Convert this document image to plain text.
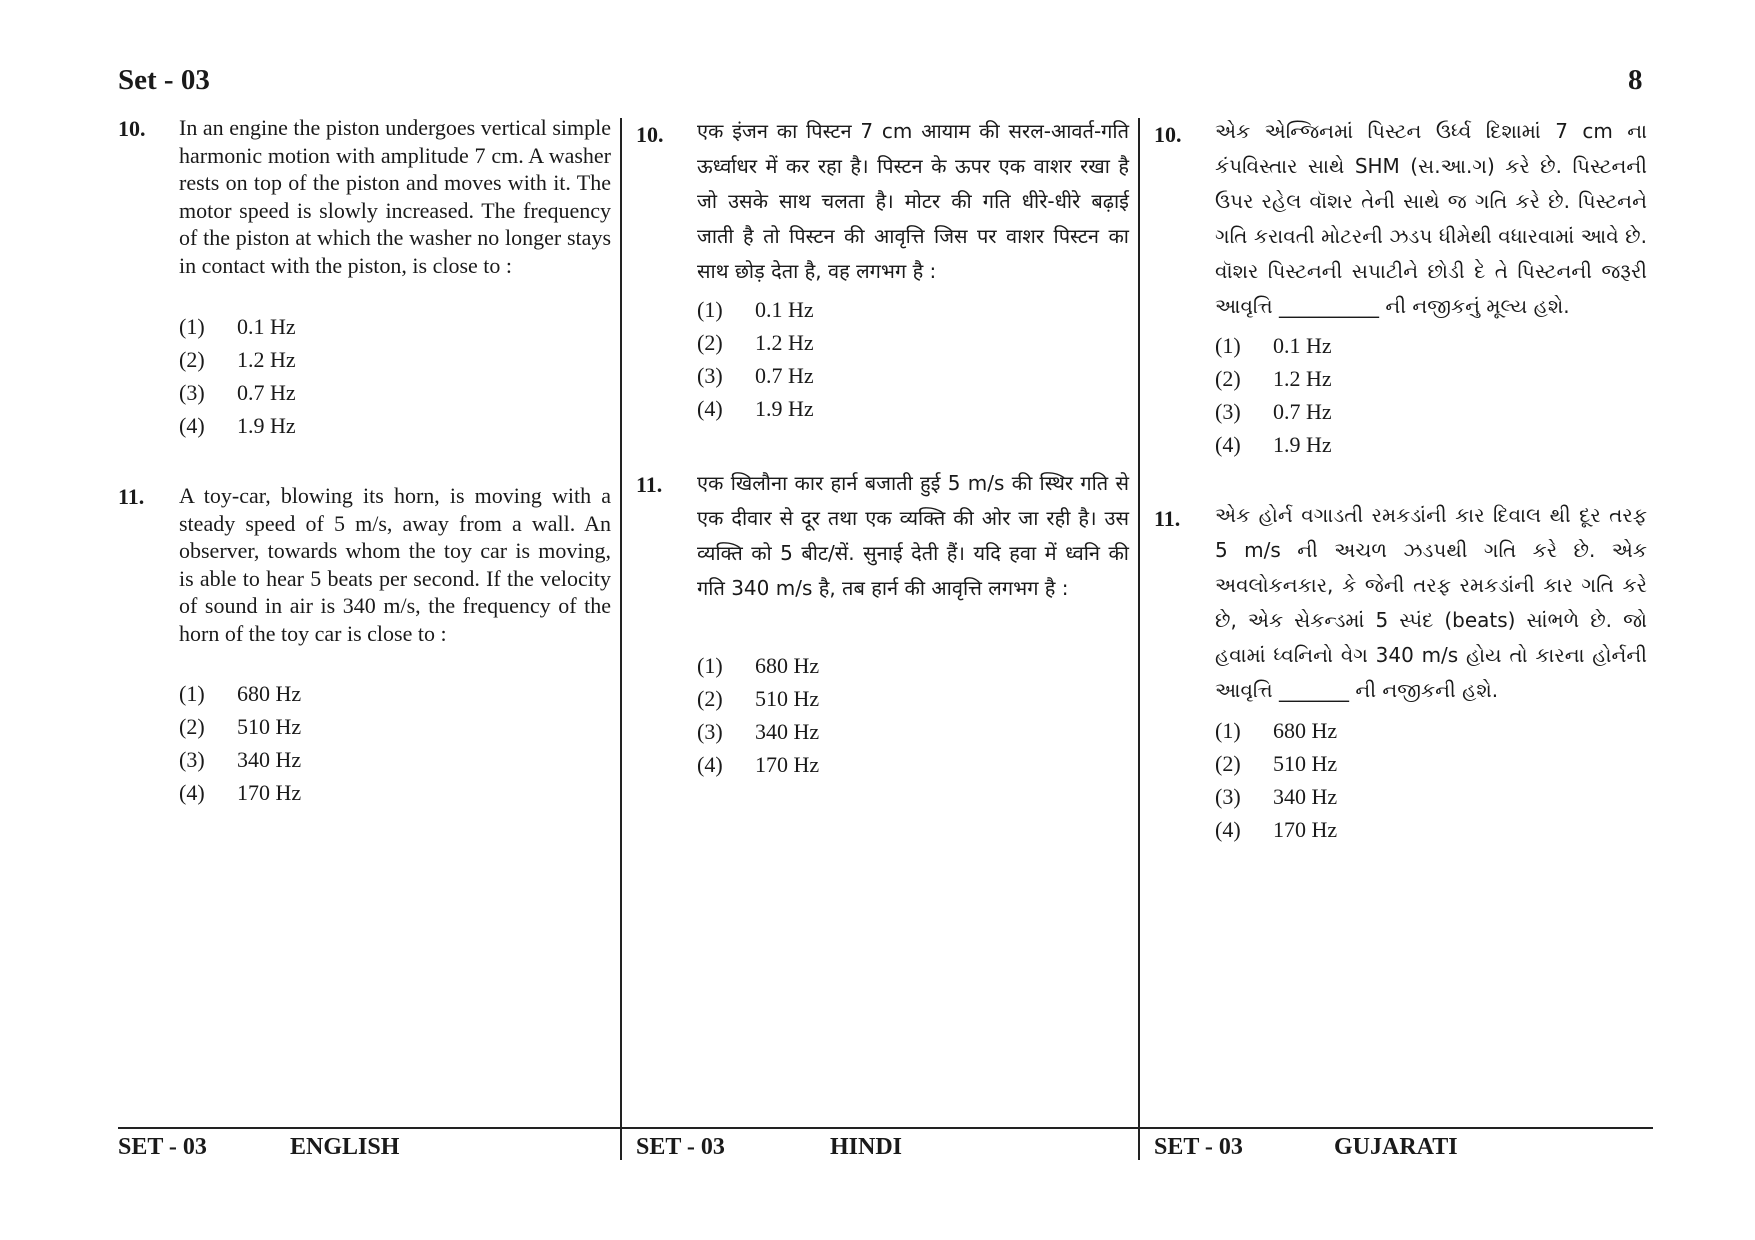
Set - 03	8
10. In an engine the piston undergoes vertical simple harmonic motion with amplitude 7 cm. A washer rests on top of the piston and moves with it. The motor speed is slowly increased. The frequency of the piston at which the washer no longer stays in contact with the piston, is close to :
(1) 0.1 Hz
(2) 1.2 Hz
(3) 0.7 Hz
(4) 1.9 Hz
11. A toy-car, blowing its horn, is moving with a steady speed of 5 m/s, away from a wall. An observer, towards whom the toy car is moving, is able to hear 5 beats per second. If the velocity of sound in air is 340 m/s, the frequency of the horn of the toy car is close to :
(1) 680 Hz
(2) 510 Hz
(3) 340 Hz
(4) 170 Hz
10. एक इंजन का पिस्टन 7 cm आयाम की सरल-आवर्त-गति ऊर्ध्वाधर में कर रहा है। पिस्टन के ऊपर एक वाशर रखा है जो उसके साथ चलता है। मोटर की गति धीरे-धीरे बढ़ाई जाती है तो पिस्टन की आवृत्ति जिस पर वाशर पिस्टन का साथ छोड़ देता है, वह लगभग है :
(1) 0.1 Hz
(2) 1.2 Hz
(3) 0.7 Hz
(4) 1.9 Hz
11. एक खिलौना कार हार्न बजाती हुई 5 m/s की स्थिर गति से एक दीवार से दूर तथा एक व्यक्ति की ओर जा रही है। उस व्यक्ति को 5 बीट/सें. सुनाई देती हैं। यदि हवा में ध्वनि की गति 340 m/s है, तब हार्न की आवृत्ति लगभग है :
(1) 680 Hz
(2) 510 Hz
(3) 340 Hz
(4) 170 Hz
10. એક એન્જિનમાં પિસ્ટન ઉર્ધ્વ દિશામાં 7 cm ના કંપવિસ્તાર સાથે SHM (સ.આ.ગ) કરે છે. પિસ્ટનની ઉપર રહેલ વૉશર તેની સાથે જ ગતિ કરે છે. પિસ્ટનને ગતિ કરાવતી મોટરની ઝડપ ધીમેથી વધારવામાં આવે છે. વૉશર પિસ્ટનની સપાટીને છોડી દે તે પિસ્ટનની જરૂરી આવૃત્તિ __________ ની નજીકનું મૂલ્ય હશે.
(1) 0.1 Hz
(2) 1.2 Hz
(3) 0.7 Hz
(4) 1.9 Hz
11. એક હોર્ન વગાડતી રમકડાંની કાર દિવાલ થી દૂર તરફ 5 m/s ની અચળ ઝડપથી ગતિ કરે છે. એક અવલોકનકાર, કે જેની તરફ રમકડાંની કાર ગતિ કરે છે, એક સેકન્ડમાં 5 સ્પંદ (beats) સાંભળે છે. જો હવામાં ધ્વનિનો વેગ 340 m/s હોય તો કારના હોર્નની આવૃત્તિ _______ ની નજીકની હશે.
(1) 680 Hz
(2) 510 Hz
(3) 340 Hz
(4) 170 Hz
SET - 03	ENGLISH	SET - 03	HINDI	SET - 03	GUJARATI
